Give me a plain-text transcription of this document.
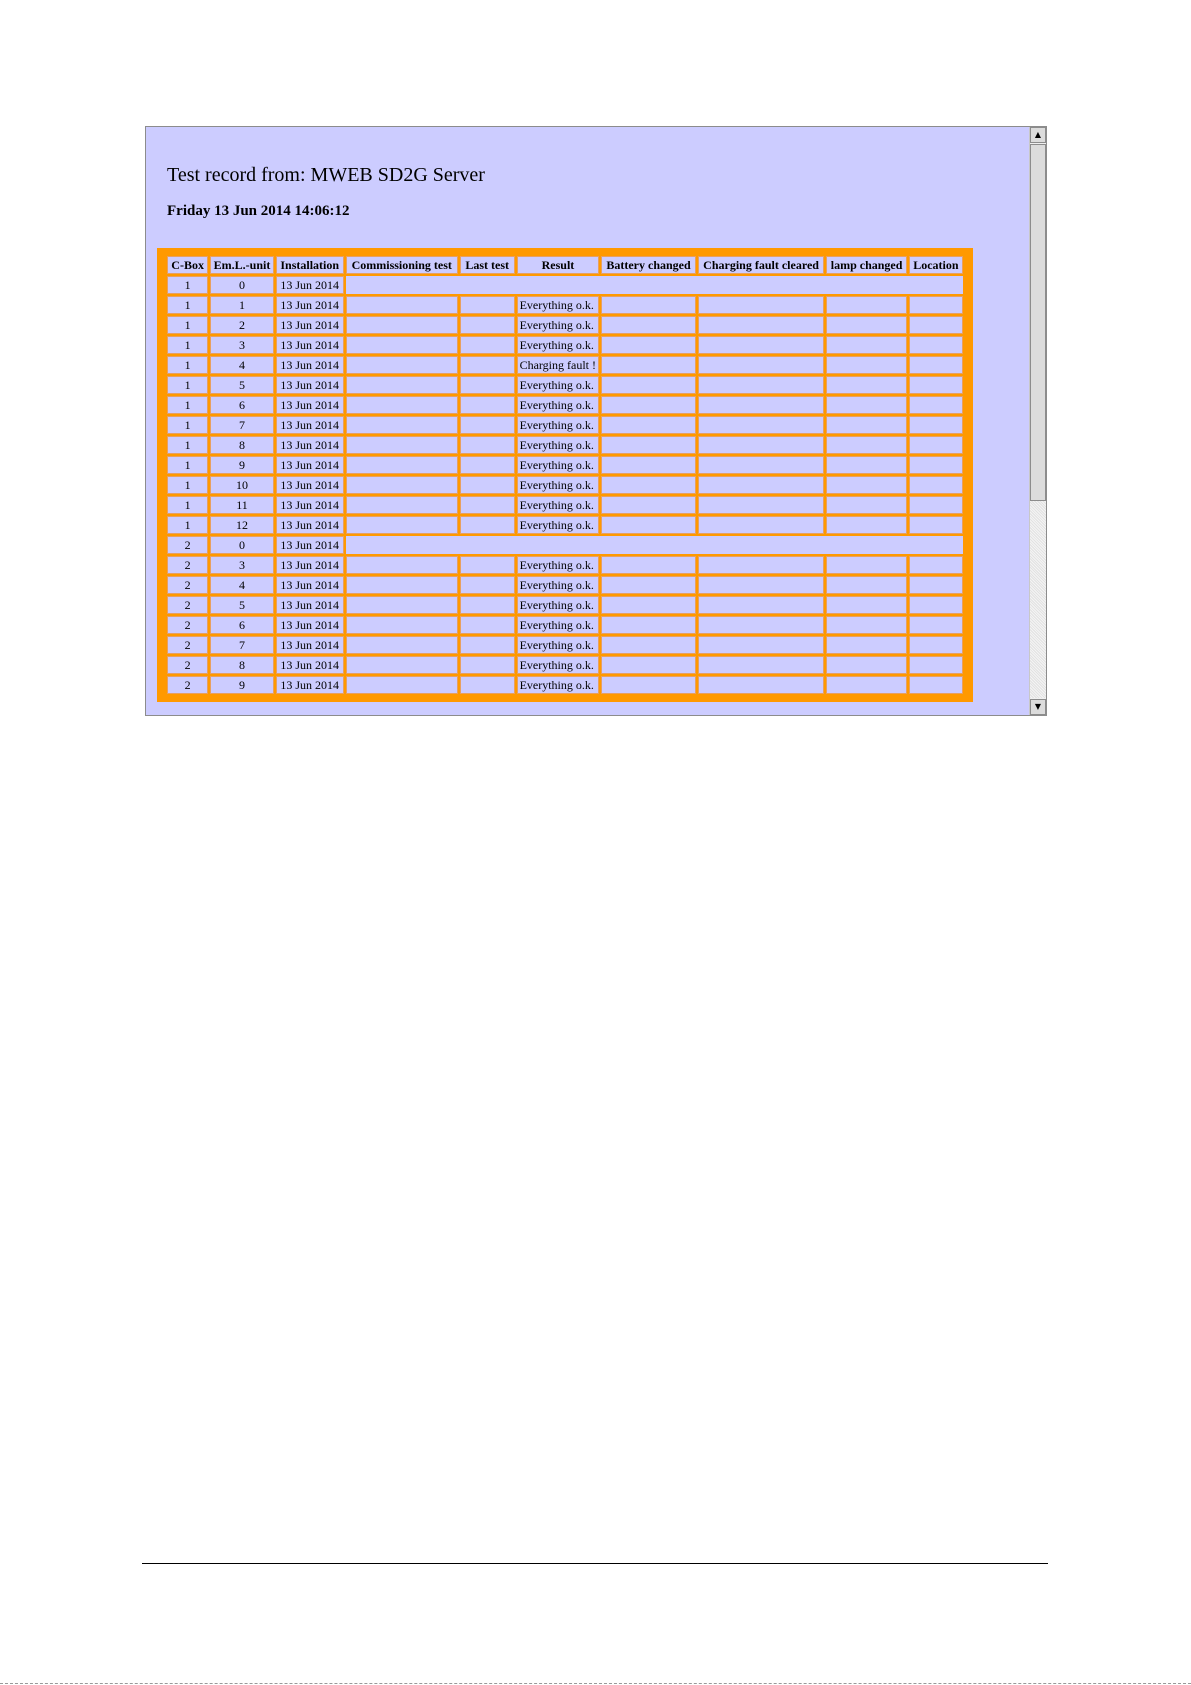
Test record from: MWEB SD2G Server
Friday 13 Jun 2014 14:06:12
C-Box	Em.L.-unit	Installation	Commissioning test	Last test	Result	Battery changed	Charging fault cleared	lamp changed	Location
1	0	13 Jun 2014							
1	1	13 Jun 2014			Everything o.k.				
1	2	13 Jun 2014			Everything o.k.				
1	3	13 Jun 2014			Everything o.k.				
1	4	13 Jun 2014			Charging fault !				
1	5	13 Jun 2014			Everything o.k.				
1	6	13 Jun 2014			Everything o.k.				
1	7	13 Jun 2014			Everything o.k.				
1	8	13 Jun 2014			Everything o.k.				
1	9	13 Jun 2014			Everything o.k.				
1	10	13 Jun 2014			Everything o.k.				
1	11	13 Jun 2014			Everything o.k.				
1	12	13 Jun 2014			Everything o.k.				
2	0	13 Jun 2014							
2	3	13 Jun 2014			Everything o.k.				
2	4	13 Jun 2014			Everything o.k.				
2	5	13 Jun 2014			Everything o.k.				
2	6	13 Jun 2014			Everything o.k.				
2	7	13 Jun 2014			Everything o.k.				
2	8	13 Jun 2014			Everything o.k.				
2	9	13 Jun 2014			Everything o.k.				
▲
▼
